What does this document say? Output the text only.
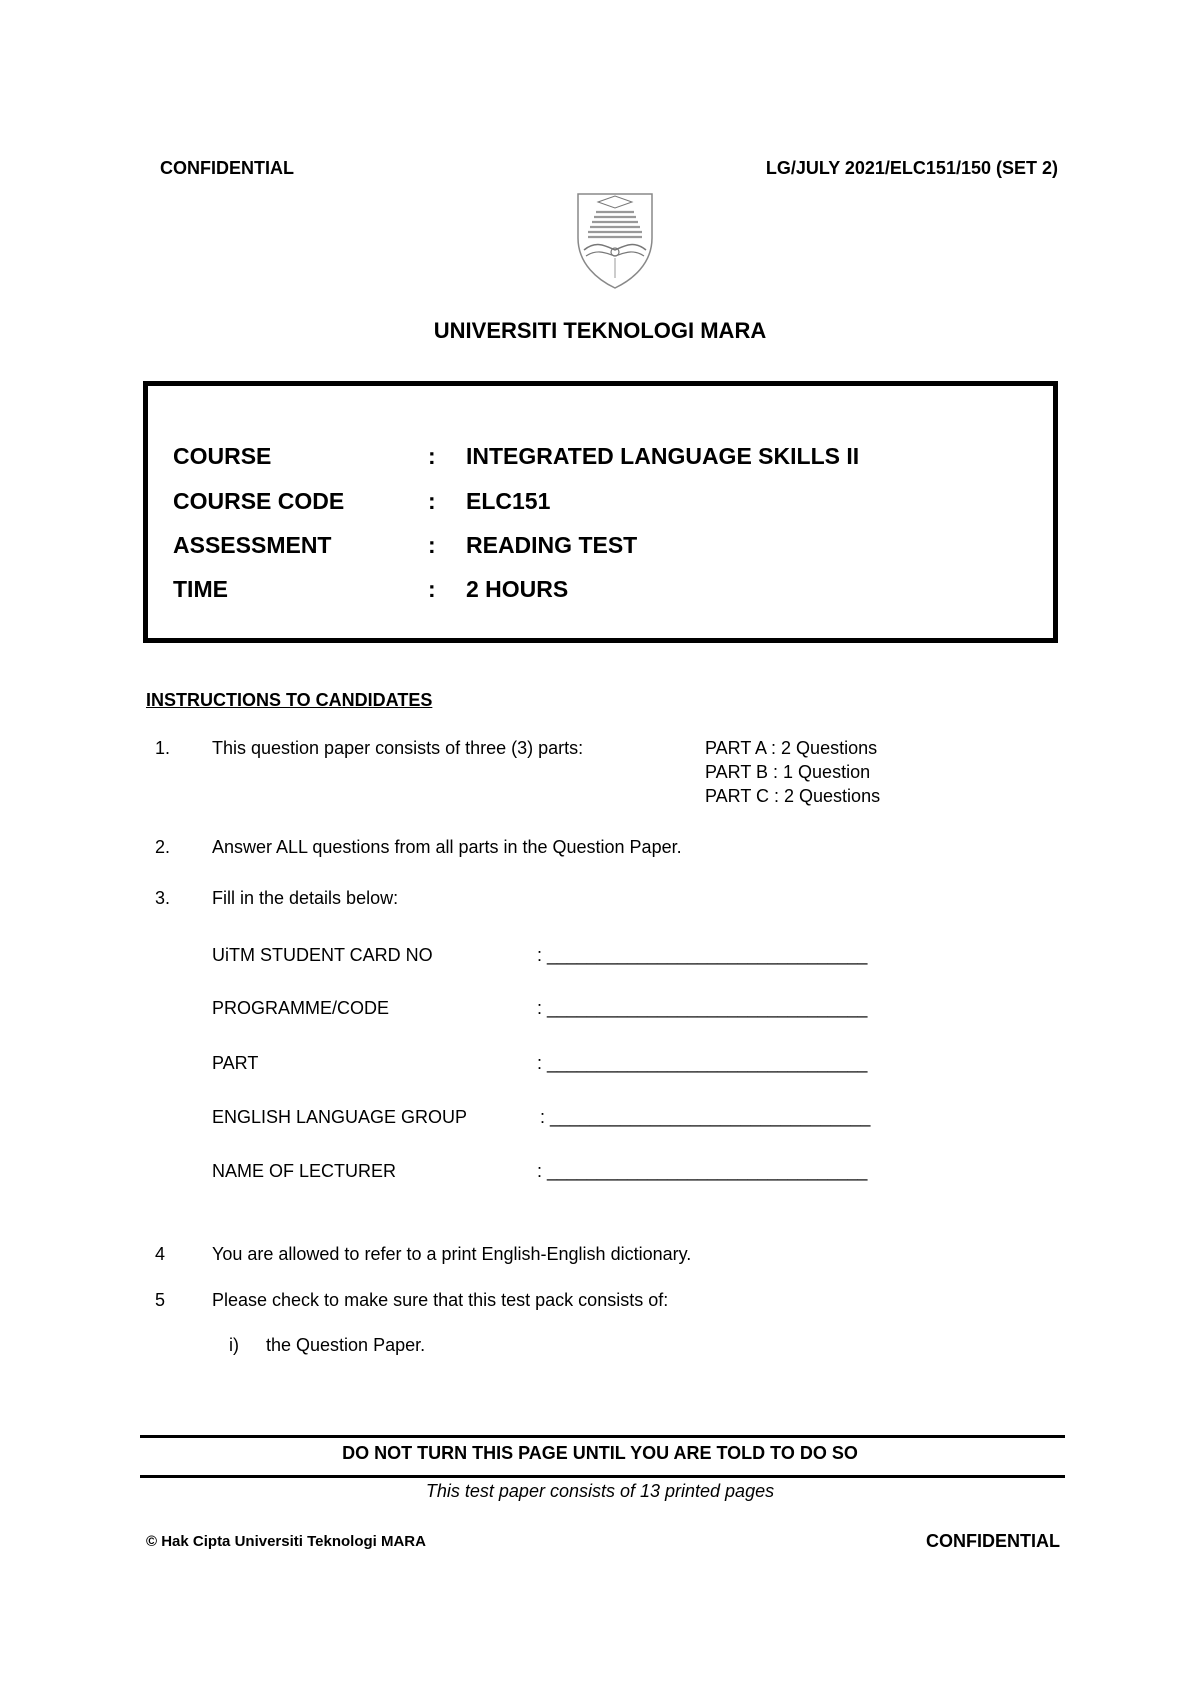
CONFIDENTIAL	LG/JULY 2021/ELC151/150 (SET 2)
UNIVERSITI TEKNOLOGI MARA
COURSE	: INTEGRATED LANGUAGE SKILLS II
COURSE CODE	: ELC151
ASSESSMENT	: READING TEST
TIME	: 2 HOURS
INSTRUCTIONS TO CANDIDATES
1. This question paper consists of three (3) parts:	PART A : 2 Questions
PART B : 1 Question
PART C : 2 Questions
2. Answer ALL questions from all parts in the Question Paper.
3. Fill in the details below:
UiTM STUDENT CARD NO	: ________________________________
PROGRAMME/CODE	: ________________________________
PART	: ________________________________
ENGLISH LANGUAGE GROUP	: ________________________________
NAME OF LECTURER	: ________________________________
4	You are allowed to refer to a print English-English dictionary.
5	Please check to make sure that this test pack consists of:
i) the Question Paper.
DO NOT TURN THIS PAGE UNTIL YOU ARE TOLD TO DO SO
This test paper consists of 13 printed pages
© Hak Cipta Universiti Teknologi MARA	CONFIDENTIAL
